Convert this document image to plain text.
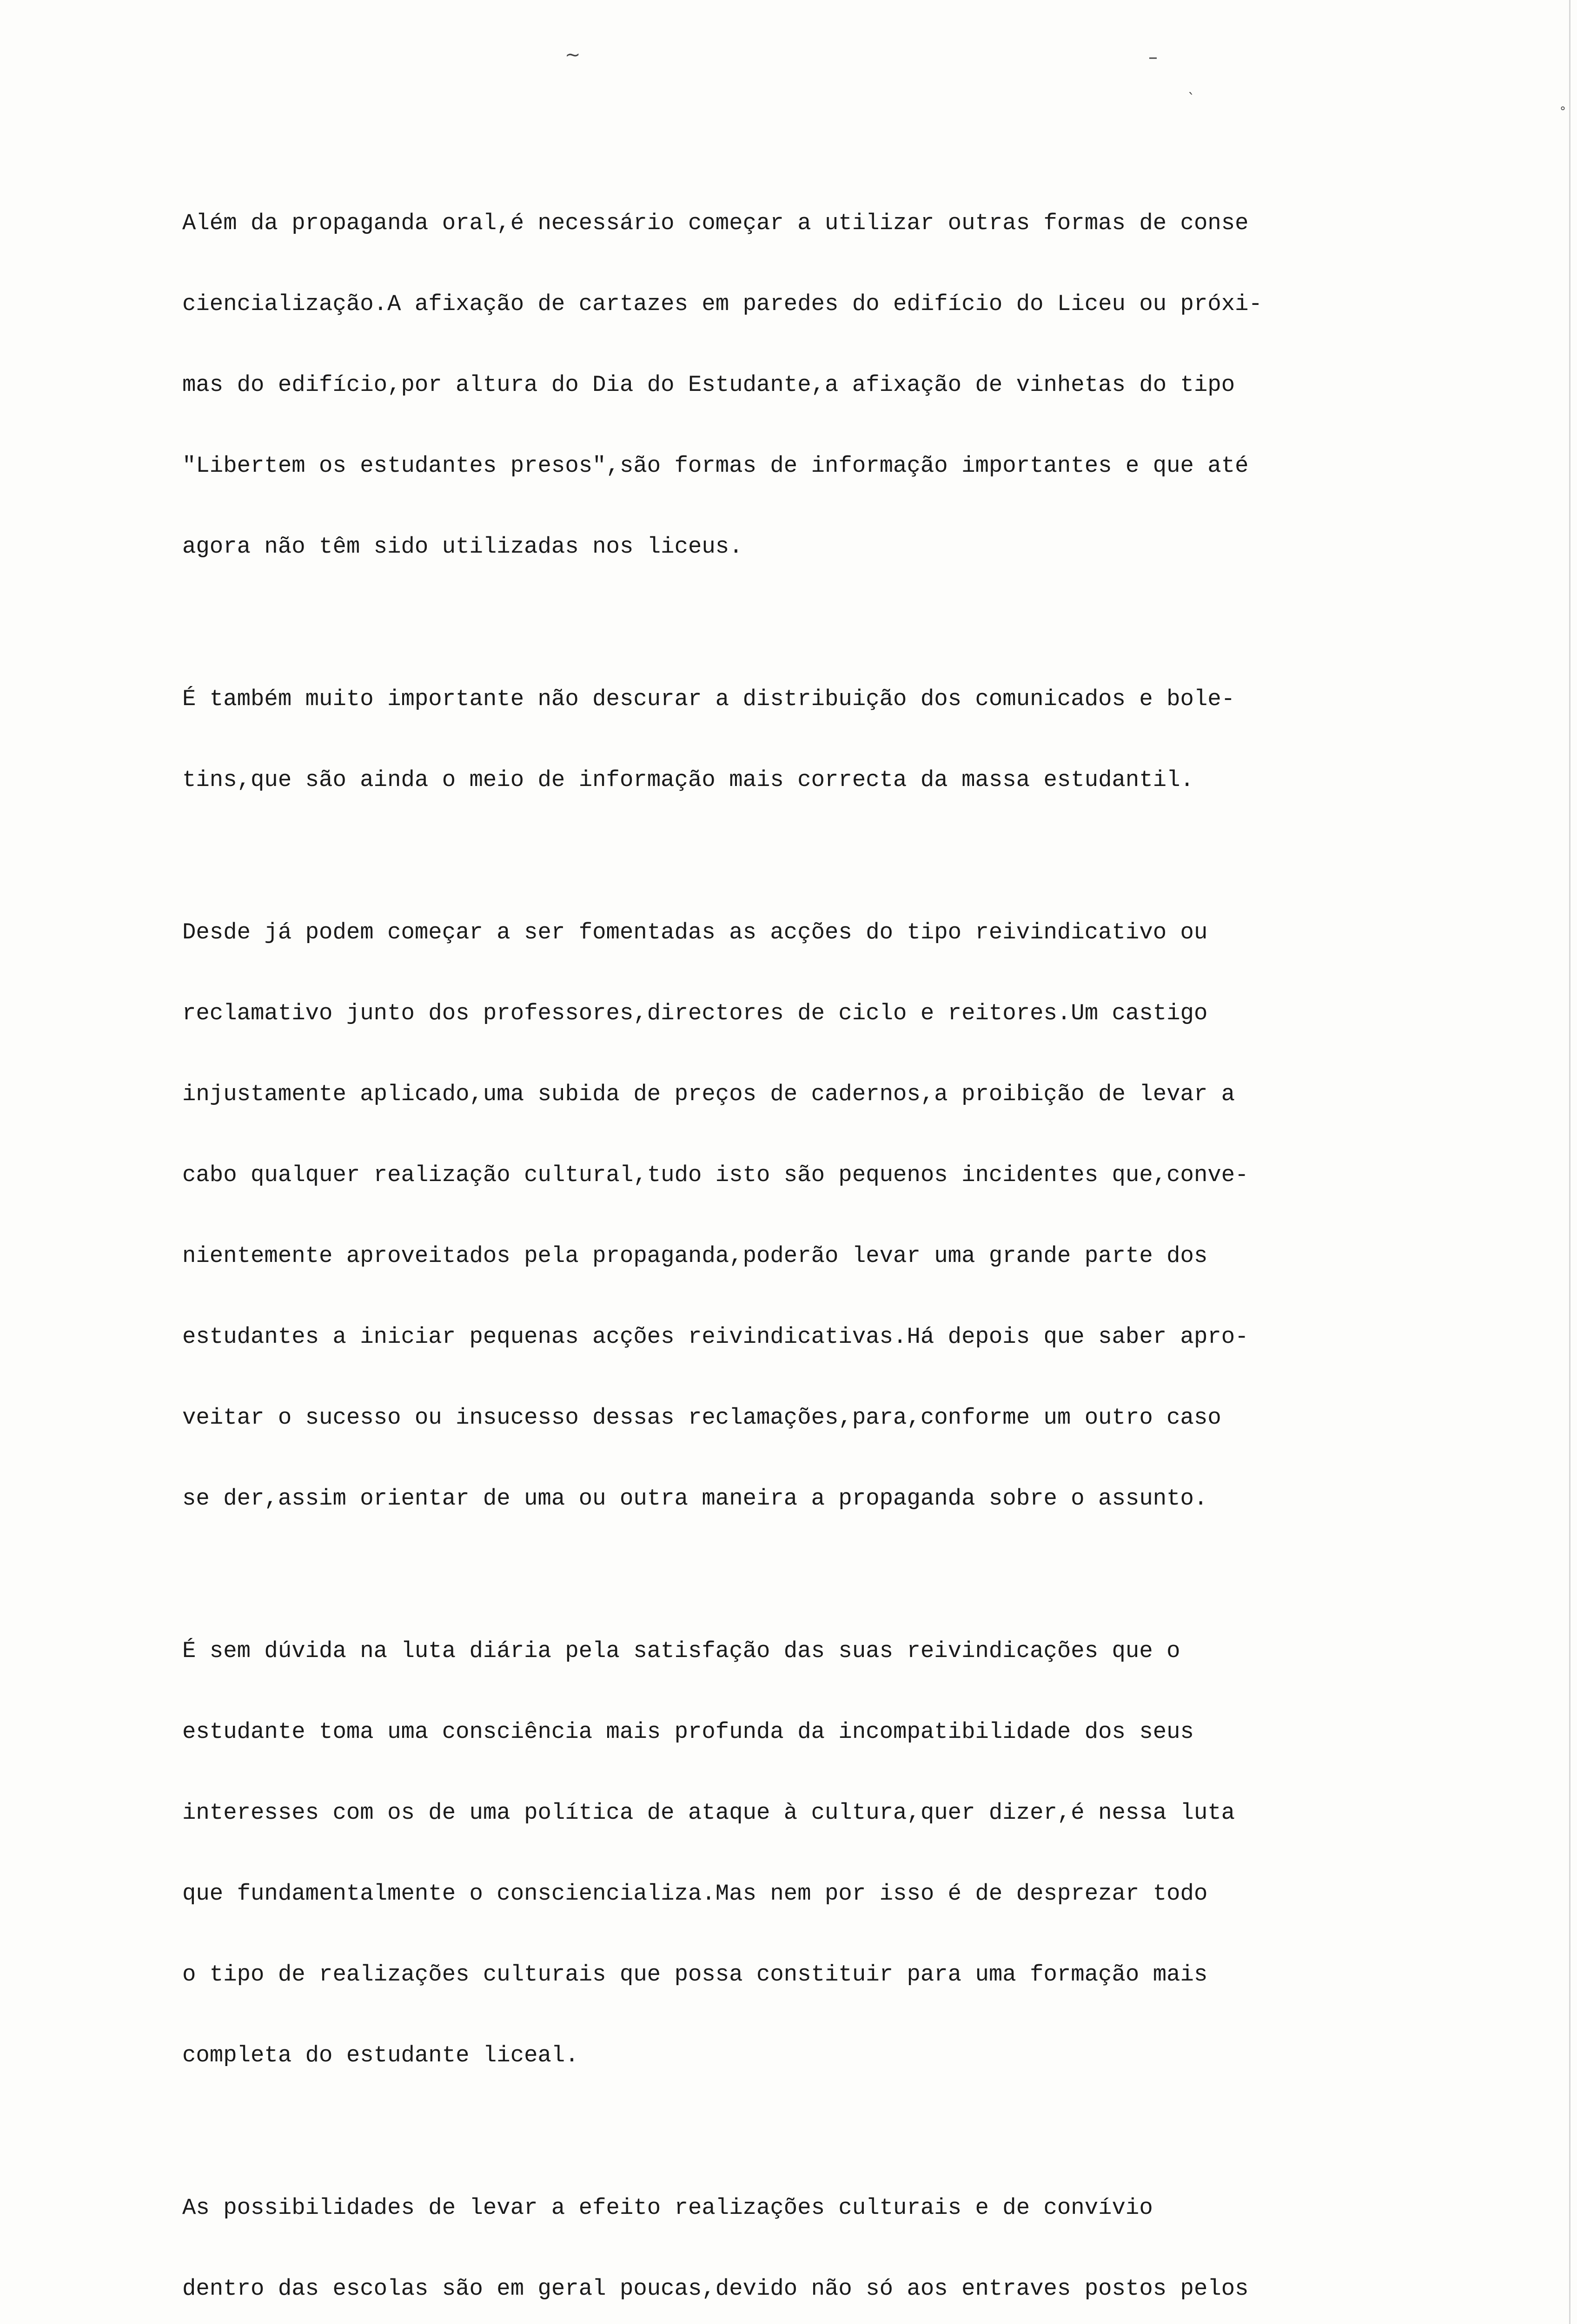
~	–
`
°

Além da propaganda oral,é necessário começar a utilizar outras formas de conse

ciencialização.A afixação de cartazes em paredes do edifício do Liceu ou próxi-

mas do edifício,por altura do Dia do Estudante,a afixação de vinhetas do tipo

"Libertem os estudantes presos",são formas de informação importantes e que até

agora não têm sido utilizadas nos liceus.

É também muito importante não descurar a distribuição dos comunicados e bole-

tins,que são ainda o meio de informação mais correcta da massa estudantil.

Desde já podem começar a ser fomentadas as acções do tipo reivindicativo ou

reclamativo junto dos professores,directores de ciclo e reitores.Um castigo

injustamente aplicado,uma subida de preços de cadernos,a proibição de levar a

cabo qualquer realização cultural,tudo isto são pequenos incidentes que,conve-

nientemente aproveitados pela propaganda,poderão levar uma grande parte dos

estudantes a iniciar pequenas acções reivindicativas.Há depois que saber apro-

veitar o sucesso ou insucesso dessas reclamações,para,conforme um outro caso

se der,assim orientar de uma ou outra maneira a propaganda sobre o assunto.

É sem dúvida na luta diária pela satisfação das suas reivindicações que o

estudante toma uma consciência mais profunda da incompatibilidade dos seus

interesses com os de uma política de ataque à cultura,quer dizer,é nessa luta

que fundamentalmente o consciencializa.Mas nem por isso é de desprezar todo

o tipo de realizações culturais que possa constituir para uma formação mais

completa do estudante liceal.

As possibilidades de levar a efeito realizações culturais e de convívio

dentro das escolas são em geral poucas,devido não só aos entraves postos pelos
